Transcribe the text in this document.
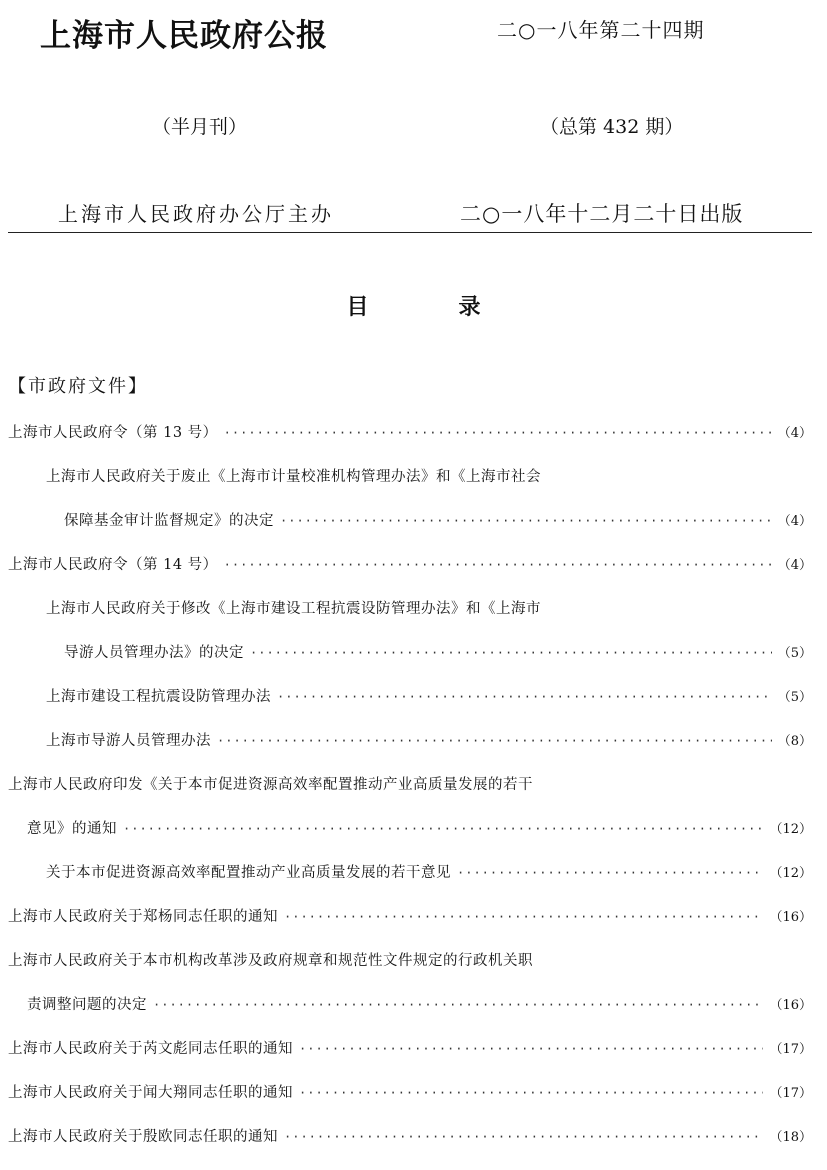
上海市人民政府公报	二○一八年第二十四期
（半月刊）	（总第 432 期）
上海市人民政府办公厅主办	二○一八年十二月二十日出版
目录
【市政府文件】
上海市人民政府令（第 13 号） ·····	（4）
上海市人民政府关于废止《上海市计量校准机构管理办法》和《上海市社会
保障基金审计监督规定》的决定 ·····	（4）
上海市人民政府令（第 14 号） ·····	（4）
上海市人民政府关于修改《上海市建设工程抗震设防管理办法》和《上海市
导游人员管理办法》的决定 ·····	（5）
上海市建设工程抗震设防管理办法 ·····	（5）
上海市导游人员管理办法 ·····	（8）
上海市人民政府印发《关于本市促进资源高效率配置推动产业高质量发展的若干
意见》的通知 ·····	（12）
关于本市促进资源高效率配置推动产业高质量发展的若干意见 ·····	（12）
上海市人民政府关于郑杨同志任职的通知 ·····	（16）
上海市人民政府关于本市机构改革涉及政府规章和规范性文件规定的行政机关职
责调整问题的决定 ·····	（16）
上海市人民政府关于芮文彪同志任职的通知 ·····	（17）
上海市人民政府关于闻大翔同志任职的通知 ·····	（17）
上海市人民政府关于殷欧同志任职的通知 ·····	（18）
